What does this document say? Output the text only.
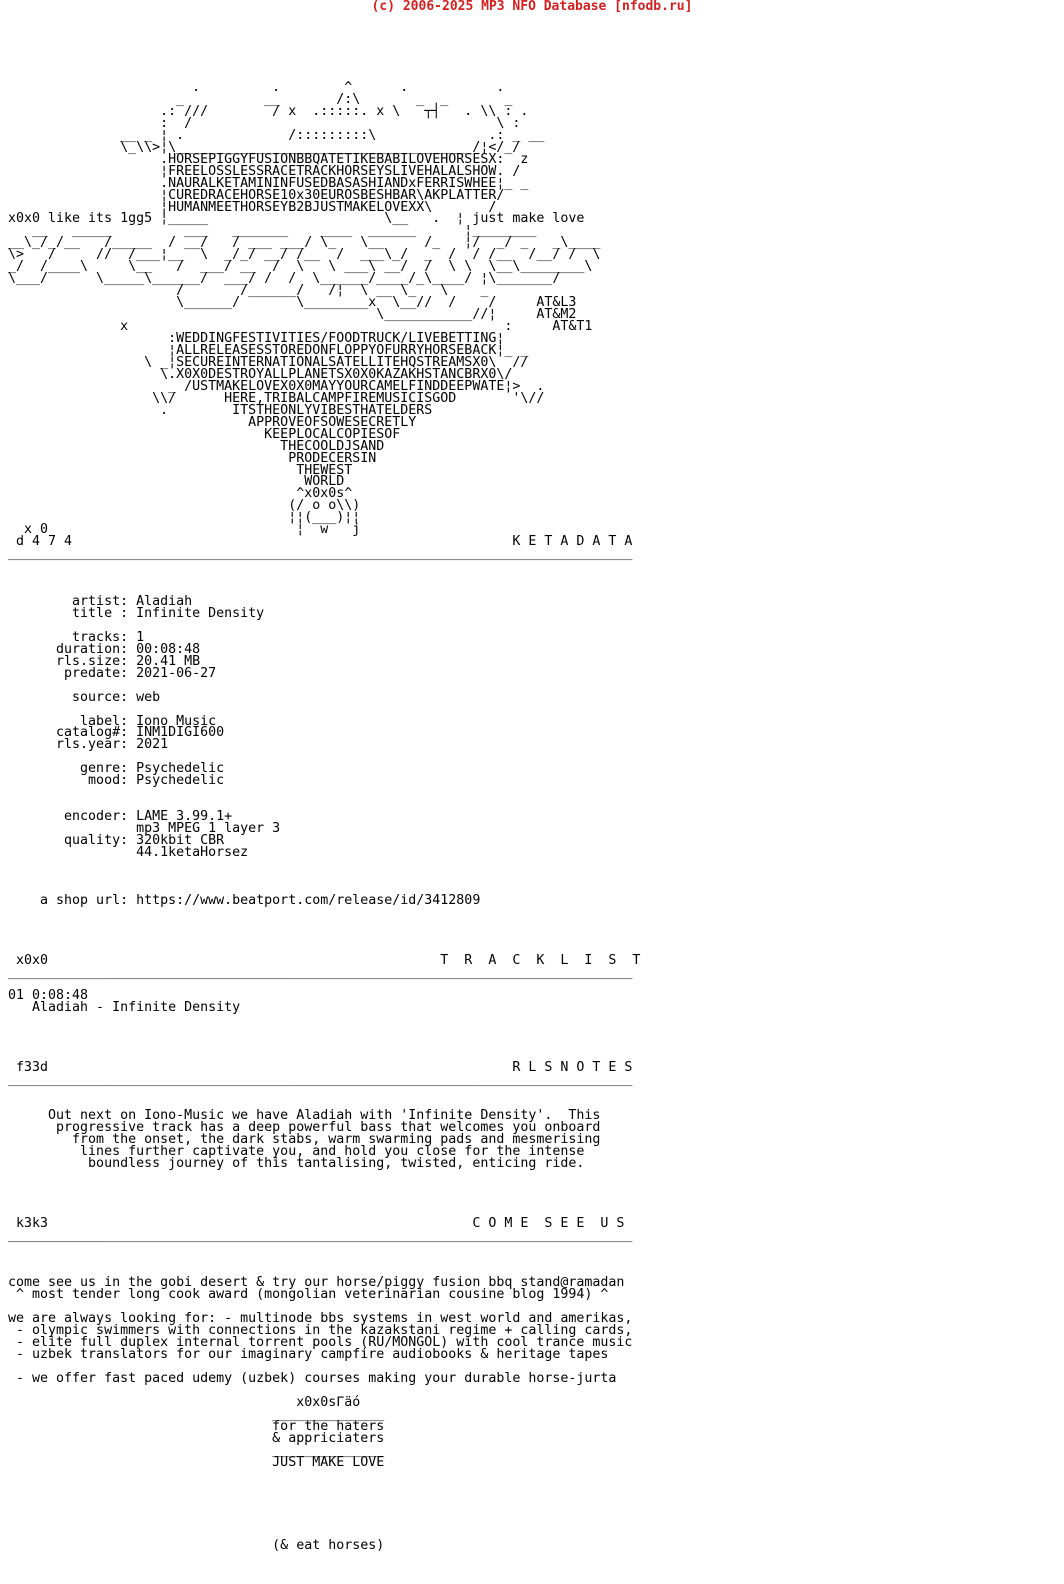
(c) 2006-2025 MP3 NFO Database [nfodb.ru]
.         .        ^      .           .
_          __       /:\       _  _       _
.: ///        / x  .:::::. x \   ┬┤   . \\ : .
:  /                                      \ :
__ _ ¦ .             /:::::::::\              .: _ __
\_\\>¦\_____________________________________/¦</_/
.HORSEPIGGYFUSIONBBQATETIKEBABILOVEHORSESX:  z
¦FREELOSSLESSRACETRACKHORSEYSLIVEHALALSHOW. /
.NAURALKETAMININFUSEDBASASHIANDxFERRISWHEE¦_ _
¦CUREDRACEHORSE10x30EUROSBESHBAR\AKPLATTER/
¦HUMANMEETHORSEYB2BJUSTMAKELOVEXX\       /
x0x0 like its 1gg5 ¦_____                      \__   .  ¦ just make love
__   _____         ___   _______    ____  ______      ¦________
__\_/_/__   /_____  / __/   / ___ ___/ \_   \__     /_   ¦/  _/ _   _\____
\>   /     //  /___¦__  \  _/_/ __/ /__  /  ___\_/  _  /  / /__  /__/ /  \
_/  /____\     \__   /  ___/ __  /  \   \ ___\ __/  /  \ \  \__\________\
\___/      \_____\______/  ___/ /  /  \______/____/_\____/ ¦\_______/
/       /______/   /¦  \ __ \_   \    _
\______/       \________x  \__//  /    /     AT&L3
\___________//¦     AT&M2
x                                               :     AT&T1
:WEDDINGFESTIVITIES/FOODTRUCK/LIVEBETTING¦
¦ALLRELEASESSTOREDONFLOPPYOFURRYHORSEBACK¦_ _
\ _¦SECUREINTERNATIONALSATELLITEHQSTREAMSX0\  //
\.X0X0DESTROYALLPLANETSX0X0KAZAKHSTANCBRX0\/
_ /USTMAKELOVEX0X0MAYYOURCAMELFINDDEEPWATE¦>  .
\\/      HERE,TRIBALCAMPFIREMUSICISGOD       '\//
.        ITSTHEONLYVIBESTHATELDERS
APPROVEOFSOWESECRETLY
KEEPLOCALCOPIESOF
THECOOLDJSAND
PRODECERSIN
THEWEST
WORLD
^x0x0s^
(/ o o\\)
¦¦(___)¦¦
x 0                               ¦  w   j
d 4 7 4                                                       K E T A D A T A
______________________________________________________________________________

artist: Aladiah
title : Infinite Density

tracks: 1
duration: 00:08:48
rls.size: 20.41 MB
predate: 2021-06-27

source: web

label: Iono Music
catalog#: INM1DIGI600
rls.year: 2021

genre: Psychedelic
mood: Psychedelic

encoder: LAME 3.99.1+
mp3 MPEG 1 layer 3
quality: 320kbit CBR
44.1ketaHorsez

a shop url: https://www.beatport.com/release/id/3412809

x0x0                                                 T  R  A  C  K  L  I  S  T
______________________________________________________________________________

01 0:08:48
Aladiah - Infinite Density

f33d                                                          R L S N O T E S
______________________________________________________________________________

Out next on Iono-Music we have Aladiah with 'Infinite Density'.  This
progressive track has a deep powerful bass that welcomes you onboard
from the onset, the dark stabs, warm swarming pads and mesmerising
lines further captivate you, and hold you close for the intense
boundless journey of this tantalising, twisted, enticing ride.

k3k3                                                     C O M E  S E E  U S
______________________________________________________________________________

come see us in the gobi desert & try our horse/piggy fusion bbq stand@ramadan
^ most tender long cook award (mongolian veterinarian cousine blog 1994) ^

we are always looking for: - multinode bbs systems in west world and amerikas,
- olympic swimmers with connections in the kazakstani regime + calling cards,
- elite full duplex internal torrent pools (RU/MONGOL) with cool trance music
- uzbek translators for our imaginary campfire audiobooks & heritage tapes

- we offer fast paced udemy (uzbek) courses making your durable horse-jurta

x0x0sΓäó
______________
for the haters
& appriciaters
______________
JUST MAKE LOVE

(& eat horses)
